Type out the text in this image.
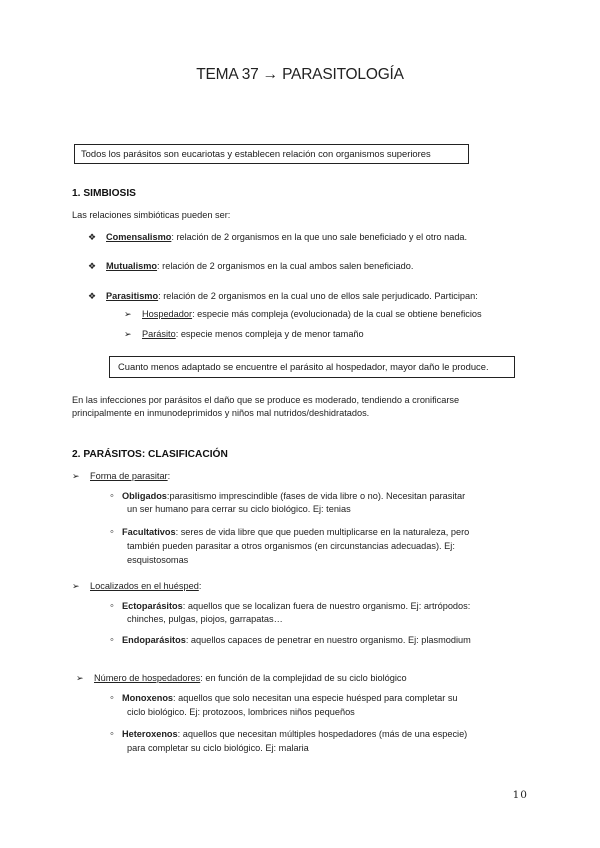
TEMA 37 → PARASITOLOGÍA
Todos los parásitos son eucariotas y establecen relación con organismos superiores
1. SIMBIOSIS
Las relaciones simbióticas pueden ser:
❖ Comensalismo: relación de 2 organismos en la que uno sale beneficiado y el otro nada.
❖ Mutualismo: relación de 2 organismos en la cual ambos salen beneficiado.
❖ Parasitismo: relación de 2 organismos en la cual uno de ellos sale perjudicado. Participan:
➢ Hospedador: especie más compleja (evolucionada) de la cual se obtiene beneficios
➢ Parásito: especie menos compleja y de menor tamaño
Cuanto menos adaptado se encuentre el parásito al hospedador, mayor daño le produce.
En las infecciones por parásitos el daño que se produce es moderado, tendiendo a cronificarse
principalmente en inmunodeprimidos y niños mal nutridos/deshidratados.
2. PARÁSITOS: CLASIFICACIÓN
➢ Forma de parasitar:
◦ Obligados:parasitismo imprescindible (fases de vida libre o no). Necesitan parasitar
un ser humano para cerrar su ciclo biológico. Ej: tenias
◦ Facultativos: seres de vida libre que que pueden multiplicarse en la naturaleza, pero
también pueden parasitar a otros organismos (en circunstancias adecuadas). Ej:
esquistosomas
➢ Localizados en el huésped:
◦ Ectoparásitos: aquellos que se localizan fuera de nuestro organismo. Ej: artrópodos:
chinches, pulgas, piojos, garrapatas…
◦ Endoparásitos: aquellos capaces de penetrar en nuestro organismo. Ej: plasmodium
➢ Número de hospedadores: en función de la complejidad de su ciclo biológico
◦ Monoxenos: aquellos que solo necesitan una especie huésped para completar su
ciclo biológico. Ej: protozoos, lombrices niños pequeños
◦ Heteroxenos: aquellos que necesitan múltiples hospedadores (más de una especie)
para completar su ciclo biológico. Ej: malaria
10
